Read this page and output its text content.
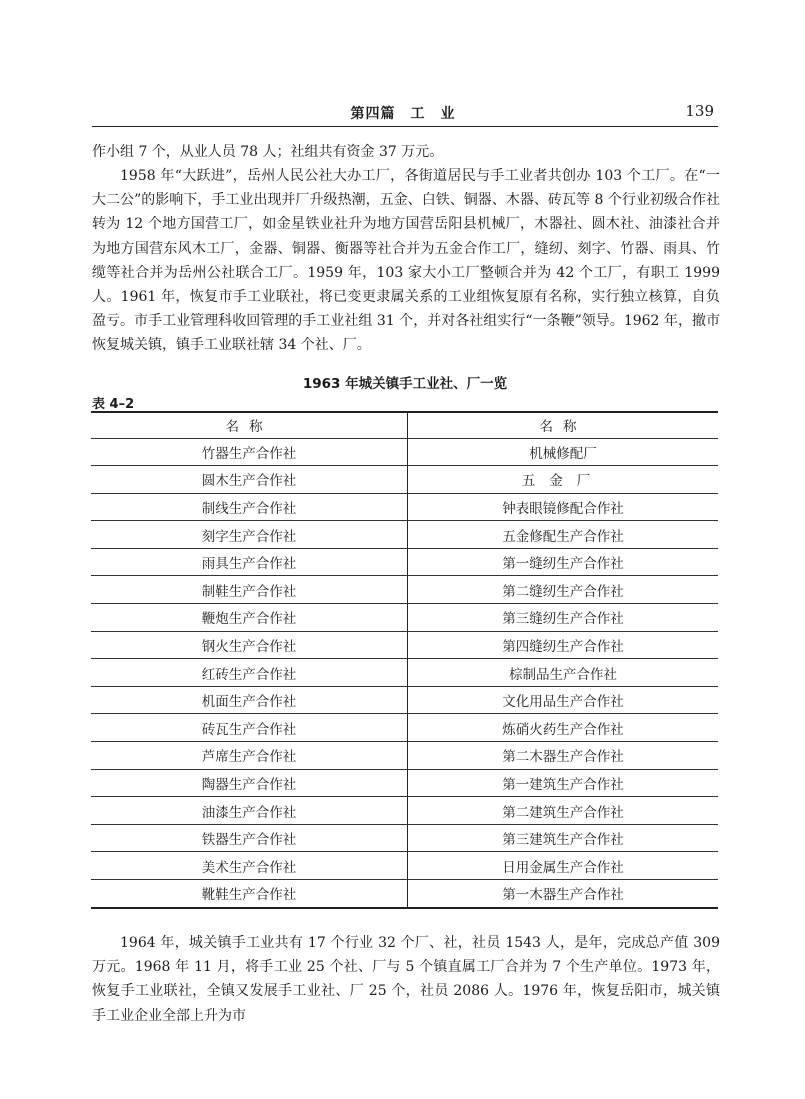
第四篇　工　业	139

作小组 7 个，从业人员 78 人；社组共有资金 37 万元。

1958 年“大跃进”，岳州人民公社大办工厂，各街道居民与手工业者共创办 103 个工厂。在“一大二公”的影响下，手工业出现并厂升级热潮，五金、白铁、铜器、木器、砖瓦等 8 个行业初级合作社转为 12 个地方国营工厂，如金星铁业社升为地方国营岳阳县机械厂，木器社、圆木社、油漆社合并为地方国营东风木工厂，金器、铜器、衡器等社合并为五金合作工厂，缝纫、刻字、竹器、雨具、竹缆等社合并为岳州公社联合工厂。1959 年，103 家大小工厂整顿合并为 42 个工厂，有职工 1999 人。1961 年，恢复市手工业联社，将已变更隶属关系的工业组恢复原有名称，实行独立核算，自负盈亏。市手工业管理科收回管理的手工业社组 31 个，并对各社组实行“一条鞭”领导。1962 年，撤市恢复城关镇，镇手工业联社辖 34 个社、厂。

1963 年城关镇手工业社、厂一览
表 4–2
名称	名称
竹器生产合作社	机械修配厂
圆木生产合作社	五金厂
制线生产合作社	钟表眼镜修配合作社
刻字生产合作社	五金修配生产合作社
雨具生产合作社	第一缝纫生产合作社
制鞋生产合作社	第二缝纫生产合作社
鞭炮生产合作社	第三缝纫生产合作社
钢火生产合作社	第四缝纫生产合作社
红砖生产合作社	棕制品生产合作社
机面生产合作社	文化用品生产合作社
砖瓦生产合作社	炼硝火药生产合作社
芦席生产合作社	第二木器生产合作社
陶器生产合作社	第一建筑生产合作社
油漆生产合作社	第二建筑生产合作社
铁器生产合作社	第三建筑生产合作社
美术生产合作社	日用金属生产合作社
靴鞋生产合作社	第一木器生产合作社

1964 年，城关镇手工业共有 17 个行业 32 个厂、社，社员 1543 人，是年，完成总产值 309 万元。1968 年 11 月，将手工业 25 个社、厂与 5 个镇直属工厂合并为 7 个生产单位。1973 年，恢复手工业联社，全镇又发展手工业社、厂 25 个，社员 2086 人。1976 年，恢复岳阳市，城关镇手工业企业全部上升为市
